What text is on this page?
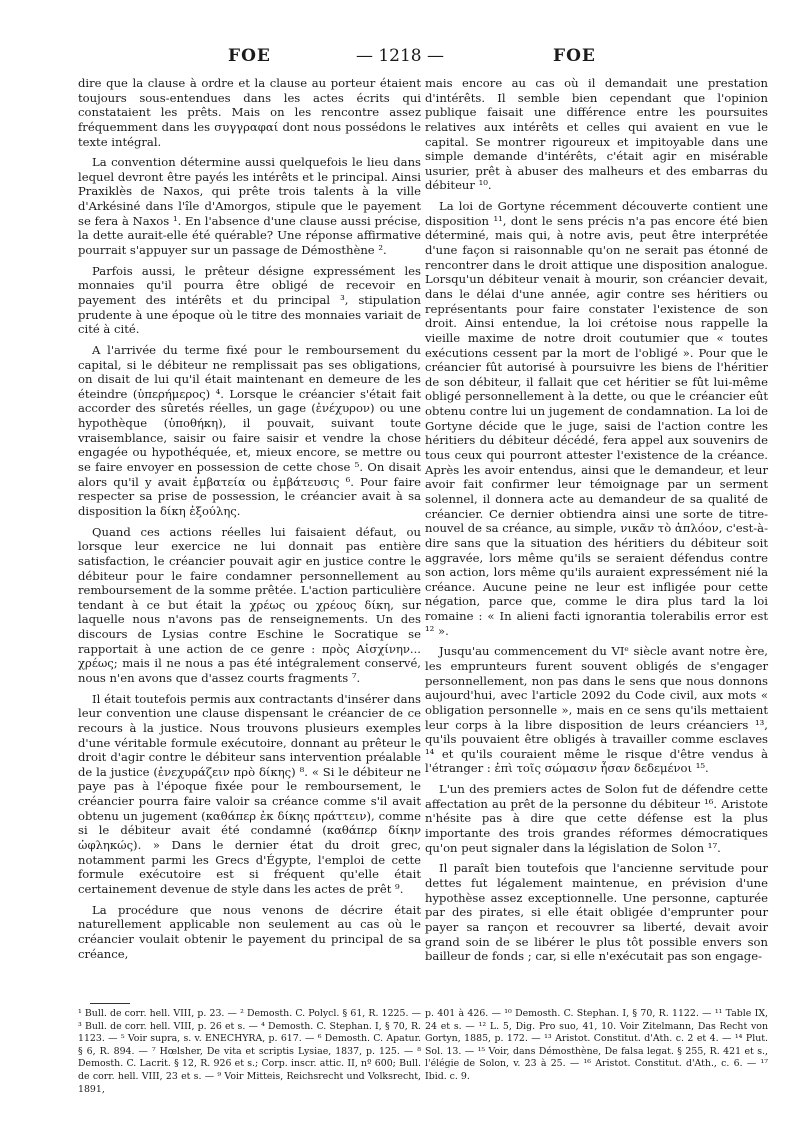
FOE	— 1218 —	FOE

dire que la clause à ordre et la clause au porteur étaient toujours sous-entendues dans les actes écrits qui constataient les prêts. Mais on les rencontre assez fréquemment dans les συγγραφαί dont nous possédons le texte intégral.

La convention détermine aussi quelquefois le lieu dans lequel devront être payés les intérêts et le principal. Ainsi Praxiklès de Naxos, qui prête trois talents à la ville d'Arkésiné dans l'île d'Amorgos, stipule que le payement se fera à Naxos ¹. En l'absence d'une clause aussi précise, la dette aurait-elle été quérable? Une réponse affirmative pourrait s'appuyer sur un passage de Démosthène ².

Parfois aussi, le prêteur désigne expressément les monnaies qu'il pourra être obligé de recevoir en payement des intérêts et du principal ³, stipulation prudente à une époque où le titre des monnaies variait de cité à cité.

A l'arrivée du terme fixé pour le remboursement du capital, si le débiteur ne remplissait pas ses obligations, on disait de lui qu'il était maintenant en demeure de les éteindre (ὑπερήμερος) ⁴. Lorsque le créancier s'était fait accorder des sûretés réelles, un gage (ἐνέχυρον) ou une hypothèque (ὑποθήκη), il pouvait, suivant toute vraisemblance, saisir ou faire saisir et vendre la chose engagée ou hypothéquée, et, mieux encore, se mettre ou se faire envoyer en possession de cette chose ⁵. On disait alors qu'il y avait ἐμβατεία ou ἐμβάτευσις ⁶. Pour faire respecter sa prise de possession, le créancier avait à sa disposition la δίκη ἐξούλης.

Quand ces actions réelles lui faisaient défaut, ou lorsque leur exercice ne lui donnait pas entière satisfaction, le créancier pouvait agir en justice contre le débiteur pour le faire condamner personnellement au remboursement de la somme prêtée. L'action particulière tendant à ce but était la χρέως ou χρέους δίκη, sur laquelle nous n'avons pas de renseignements. Un des discours de Lysias contre Eschine le Socratique se rapportait à une action de ce genre : πρὸς Αἰσχίνην... χρέως; mais il ne nous a pas été intégralement conservé, nous n'en avons que d'assez courts fragments ⁷.

Il était toutefois permis aux contractants d'insérer dans leur convention une clause dispensant le créancier de ce recours à la justice. Nous trouvons plusieurs exemples d'une véritable formule exécutoire, donnant au prêteur le droit d'agir contre le débiteur sans intervention préalable de la justice (ἐνεχυράζειν πρὸ δίκης) ⁸. « Si le débiteur ne paye pas à l'époque fixée pour le remboursement, le créancier pourra faire valoir sa créance comme s'il avait obtenu un jugement (καθάπερ ἐκ δίκης πράττειν), comme si le débiteur avait été condamné (καθάπερ δίκην ὠφληκώς). » Dans le dernier état du droit grec, notamment parmi les Grecs d'Égypte, l'emploi de cette formule exécutoire est si fréquent qu'elle était certainement devenue de style dans les actes de prêt ⁹.

La procédure que nous venons de décrire était naturellement applicable non seulement au cas où le créancier voulait obtenir le payement du principal de sa créance,

mais encore au cas où il demandait une prestation d'intérêts. Il semble bien cependant que l'opinion publique faisait une différence entre les poursuites relatives aux intérêts et celles qui avaient en vue le capital. Se montrer rigoureux et impitoyable dans une simple demande d'intérêts, c'était agir en misérable usurier, prêt à abuser des malheurs et des embarras du débiteur ¹⁰.

La loi de Gortyne récemment découverte contient une disposition ¹¹, dont le sens précis n'a pas encore été bien déterminé, mais qui, à notre avis, peut être interprétée d'une façon si raisonnable qu'on ne serait pas étonné de rencontrer dans le droit attique une disposition analogue. Lorsqu'un débiteur venait à mourir, son créancier devait, dans le délai d'une année, agir contre ses héritiers ou représentants pour faire constater l'existence de son droit. Ainsi entendue, la loi crétoise nous rappelle la vieille maxime de notre droit coutumier que « toutes exécutions cessent par la mort de l'obligé ». Pour que le créancier fût autorisé à poursuivre les biens de l'héritier de son débiteur, il fallait que cet héritier se fût lui-même obligé personnellement à la dette, ou que le créancier eût obtenu contre lui un jugement de condamnation. La loi de Gortyne décide que le juge, saisi de l'action contre les héritiers du débiteur décédé, fera appel aux souvenirs de tous ceux qui pourront attester l'existence de la créance. Après les avoir entendus, ainsi que le demandeur, et leur avoir fait confirmer leur témoignage par un serment solennel, il donnera acte au demandeur de sa qualité de créancier. Ce dernier obtiendra ainsi une sorte de titre-nouvel de sa créance, au simple, νικᾶν τὸ ἁπλόον, c'est-à-dire sans que la situation des héritiers du débiteur soit aggravée, lors même qu'ils se seraient défendus contre son action, lors même qu'ils auraient expressément nié la créance. Aucune peine ne leur est infligée pour cette négation, parce que, comme le dira plus tard la loi romaine : « In alieni facti ignorantia tolerabilis error est ¹² ».

Jusqu'au commencement du VIᵉ siècle avant notre ère, les emprunteurs furent souvent obligés de s'engager personnellement, non pas dans le sens que nous donnons aujourd'hui, avec l'article 2092 du Code civil, aux mots « obligation personnelle », mais en ce sens qu'ils mettaient leur corps à la libre disposition de leurs créanciers ¹³, qu'ils pouvaient être obligés à travailler comme esclaves ¹⁴ et qu'ils couraient même le risque d'être vendus à l'étranger : ἐπὶ τοῖς σώμασιν ἦσαν δεδεμένοι ¹⁵.

L'un des premiers actes de Solon fut de défendre cette affectation au prêt de la personne du débiteur ¹⁶. Aristote n'hésite pas à dire que cette défense est la plus importante des trois grandes réformes démocratiques qu'on peut signaler dans la législation de Solon ¹⁷.

Il paraît bien toutefois que l'ancienne servitude pour dettes fut légalement maintenue, en prévision d'une hypothèse assez exceptionnelle. Une personne, capturée par des pirates, si elle était obligée d'emprunter pour payer sa rançon et recouvrer sa liberté, devait avoir grand soin de se libérer le plus tôt possible envers son bailleur de fonds ; car, si elle n'exécutait pas son engage-

¹ Bull. de corr. hell. VIII, p. 23. — ² Demosth. C. Polycl. § 61, R. 1225. — ³ Bull. de corr. hell. VIII, p. 26 et s. — ⁴ Demosth. C. Stephan. I, § 70, R. 1123. — ⁵ Voir supra, s. v. ENECHYRA, p. 617. — ⁶ Demosth. C. Apatur. § 6, R. 894. — ⁷ Hœlsher, De vita et scriptis Lysiae, 1837, p. 125. — ⁸ Demosth. C. Lacrit. § 12, R. 926 et s.; Corp. inscr. attic. II, nº 600; Bull. de corr. hell. VIII, 23 et s. — ⁹ Voir Mitteis, Reichsrecht und Volksrecht, 1891,
p. 401 à 426. — ¹⁰ Demosth. C. Stephan. I, § 70, R. 1122. — ¹¹ Table IX, 24 et s. — ¹² L. 5, Dig. Pro suo, 41, 10. Voir Zitelmann, Das Recht von Gortyn, 1885, p. 172. — ¹³ Aristot. Constitut. d'Ath. c. 2 et 4. — ¹⁴ Plut. Sol. 13. — ¹⁵ Voir, dans Démosthène, De falsa legat. § 255, R. 421 et s., l'élégie de Solon, v. 23 à 25. — ¹⁶ Aristot. Constitut. d'Ath., c. 6. — ¹⁷ Ibid. c. 9.
